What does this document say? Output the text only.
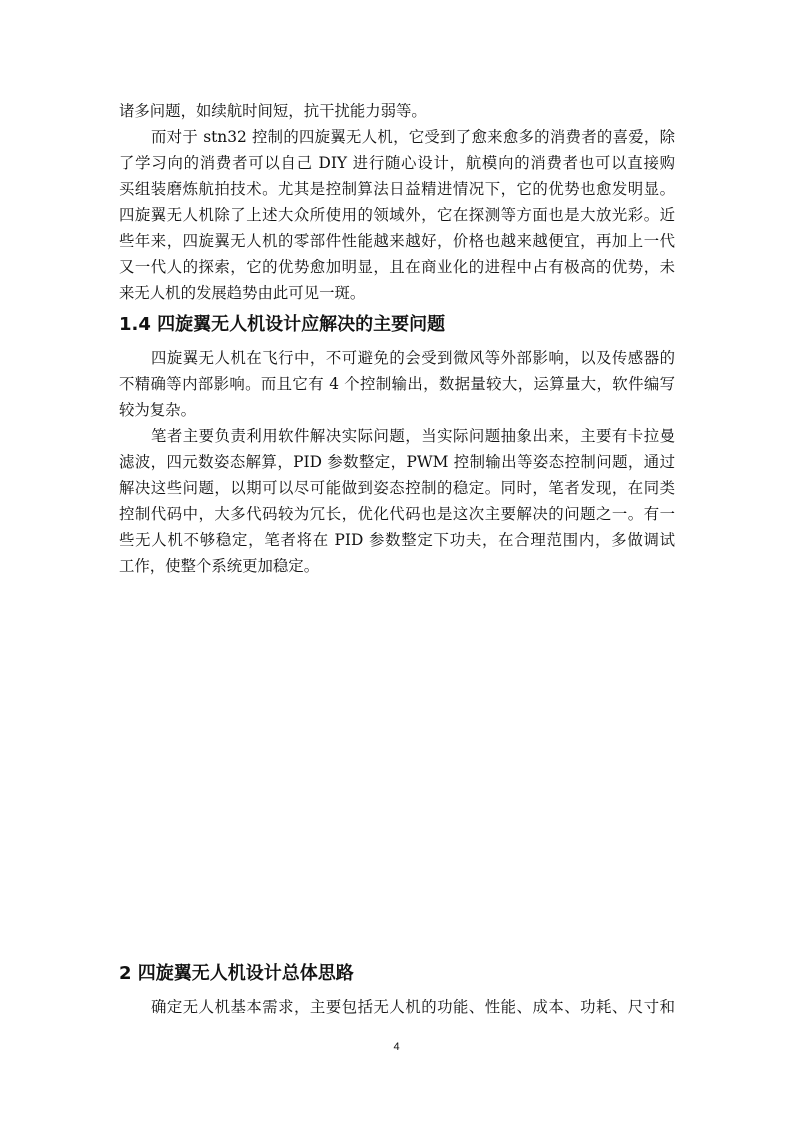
诸多问题，如续航时间短，抗干扰能力弱等。
而对于 stn32 控制的四旋翼无人机，它受到了愈来愈多的消费者的喜爱，除
了学习向的消费者可以自己 DIY 进行随心设计，航模向的消费者也可以直接购
买组装磨炼航拍技术。尤其是控制算法日益精进情况下，它的优势也愈发明显。
四旋翼无人机除了上述大众所使用的领域外，它在探测等方面也是大放光彩。近
些年来，四旋翼无人机的零部件性能越来越好，价格也越来越便宜，再加上一代
又一代人的探索，它的优势愈加明显，且在商业化的进程中占有极高的优势，未
来无人机的发展趋势由此可见一斑。
1.4 四旋翼无人机设计应解决的主要问题
四旋翼无人机在飞行中，不可避免的会受到微风等外部影响，以及传感器的
不精确等内部影响。而且它有 4 个控制输出，数据量较大，运算量大，软件编写
较为复杂。
笔者主要负责利用软件解决实际问题，当实际问题抽象出来，主要有卡拉曼
滤波，四元数姿态解算，PID 参数整定，PWM 控制输出等姿态控制问题，通过
解决这些问题，以期可以尽可能做到姿态控制的稳定。同时，笔者发现，在同类
控制代码中，大多代码较为冗长，优化代码也是这次主要解决的问题之一。有一
些无人机不够稳定，笔者将在 PID 参数整定下功夫，在合理范围内，多做调试
工作，使整个系统更加稳定。
2 四旋翼无人机设计总体思路
确定无人机基本需求，主要包括无人机的功能、性能、成本、功耗、尺寸和
4
